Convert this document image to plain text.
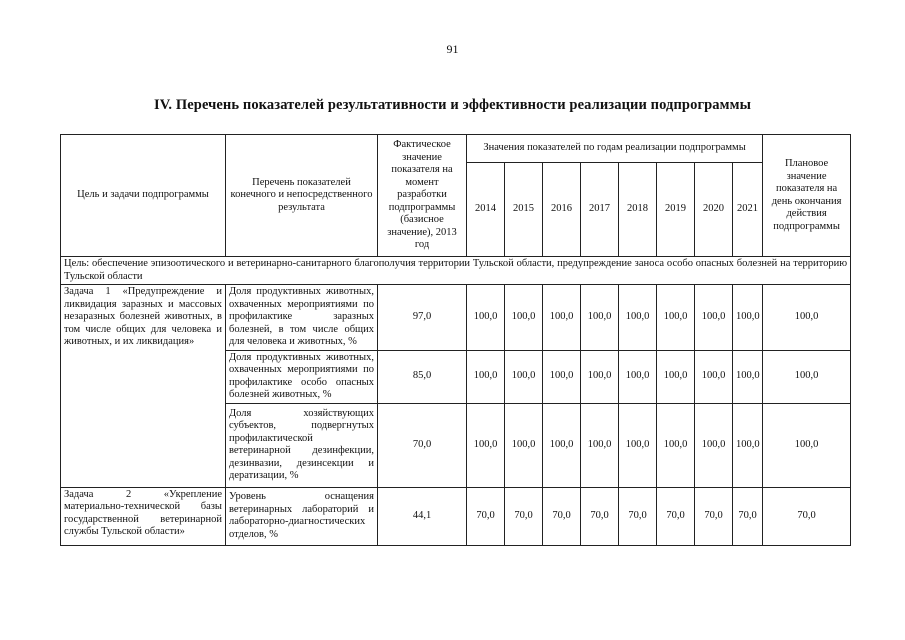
91
IV. Перечень показателей результативности и эффективности реализации подпрограммы
Цель и задачи подпрограммы	Перечень показателей конечного и непосредственного результата	Фактическое значение показателя на момент разработки подпрограммы (базисное значение), 2013 год	Значения показателей по годам реализации подпрограммы								Плановое значение показателя на день окончания действия подпрограммы
			2014	2015	2016	2017	2018	2019	2020	2021	
Цель: обеспечение эпизоотического и ветеринарно-санитарного благополучия территории Тульской области, предупреждение заноса особо опасных болезней на территорию Тульской области											
Задача 1 «Предупреждение и ликвидация заразных и массовых незаразных болезней животных, в том числе общих для человека и животных, и их ликвидация»	Доля продуктивных животных, охваченных мероприятиями по профилактике заразных болезней, в том числе общих для человека и животных, %	97,0	100,0	100,0	100,0	100,0	100,0	100,0	100,0	100,0	100,0
	Доля продуктивных животных, охваченных мероприятиями по профилактике особо опасных болезней животных, %	85,0	100,0	100,0	100,0	100,0	100,0	100,0	100,0	100,0	100,0
	Доля хозяйствующих субъектов, подвергнутых профилактической ветеринарной дезинфекции, дезинвазии, дезинсекции и дератизации, %	70,0	100,0	100,0	100,0	100,0	100,0	100,0	100,0	100,0	100,0
Задача 2 «Укрепление материально-технической базы государственной ветеринарной службы Тульской области»	Уровень оснащения ветеринарных лабораторий и лабораторно-диагностических отделов, %	44,1	70,0	70,0	70,0	70,0	70,0	70,0	70,0	70,0	70,0
